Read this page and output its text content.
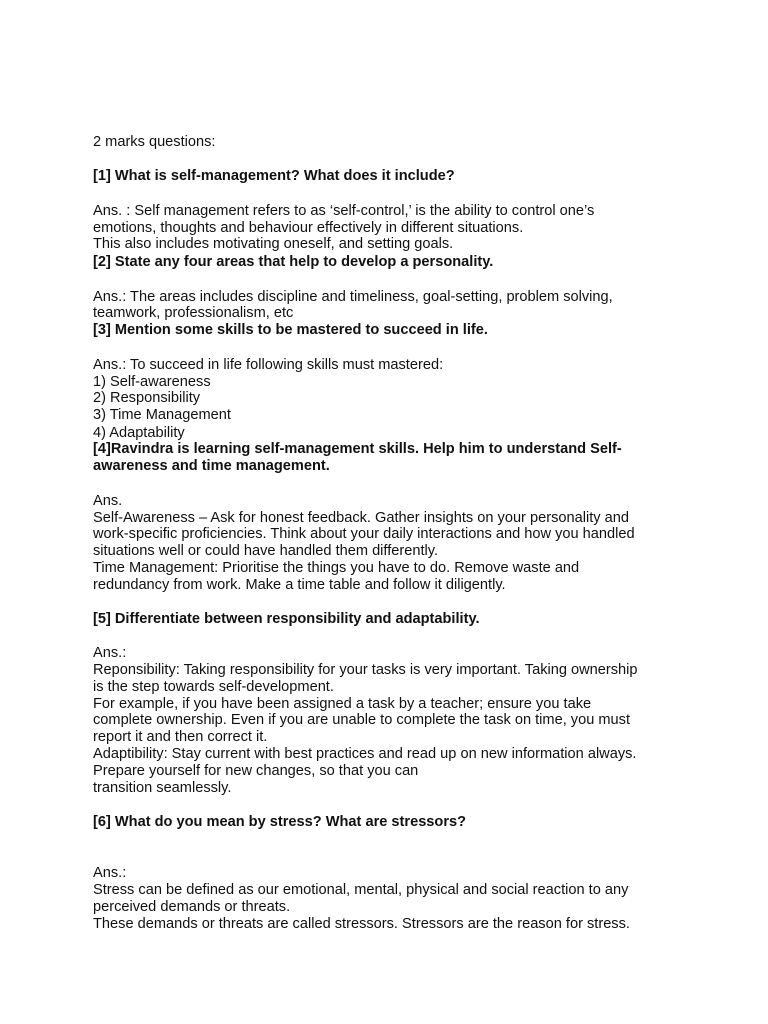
2 marks questions:
[1] What is self-management? What does it include?
Ans. : Self management refers to as ‘self-control,’ is the ability to control one’s
emotions, thoughts and behaviour effectively in different situations.
This also includes motivating oneself, and setting goals.
[2] State any four areas that help to develop a personality.
Ans.: The areas includes discipline and timeliness, goal-setting, problem solving,
teamwork, professionalism, etc
[3] Mention some skills to be mastered to succeed in life.
Ans.: To succeed in life following skills must mastered:
1) Self-awareness
2) Responsibility
3) Time Management
4) Adaptability
[4]Ravindra is learning self-management skills. Help him to understand Self-
awareness and time management.
Ans.
Self-Awareness – Ask for honest feedback. Gather insights on your personality and
work-specific proficiencies. Think about your daily interactions and how you handled
situations well or could have handled them differently.
Time Management: Prioritise the things you have to do. Remove waste and
redundancy from work. Make a time table and follow it diligently.
[5] Differentiate between responsibility and adaptability.
Ans.:
Reponsibility: Taking responsibility for your tasks is very important. Taking ownership
is the step towards self-development.
For example, if you have been assigned a task by a teacher; ensure you take
complete ownership. Even if you are unable to complete the task on time, you must
report it and then correct it.
Adaptibility: Stay current with best practices and read up on new information always.
Prepare yourself for new changes, so that you can
transition seamlessly.
[6] What do you mean by stress? What are stressors?
Ans.:
Stress can be defined as our emotional, mental, physical and social reaction to any
perceived demands or threats.
These demands or threats are called stressors. Stressors are the reason for stress.
